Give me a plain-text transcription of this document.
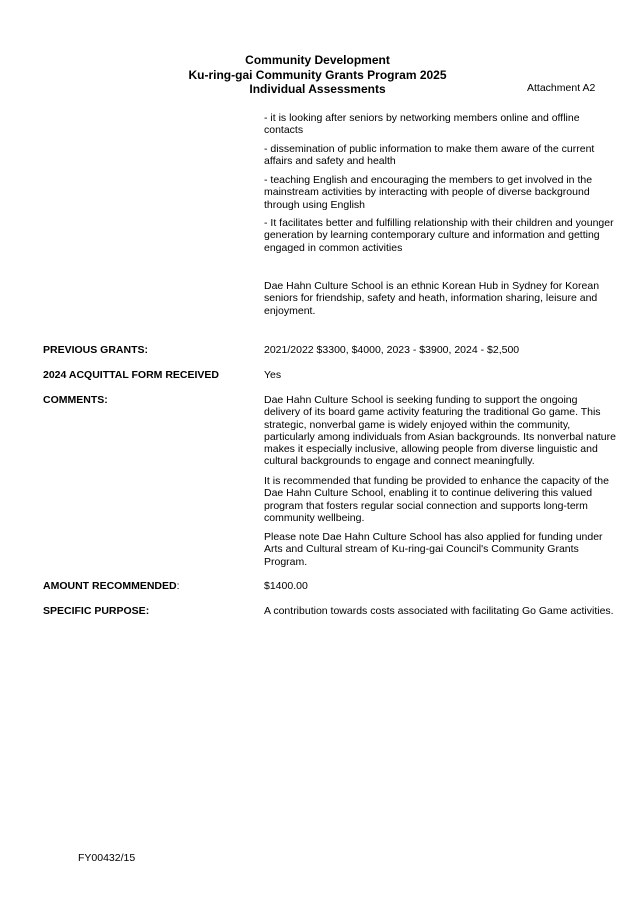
Community Development
Ku-ring-gai Community Grants Program 2025
Individual Assessments	Attachment A2

- it is looking after seniors by networking members online and offline contacts

- dissemination of public information to make them aware of the current affairs and safety and health

- teaching English and encouraging the members to get involved in the mainstream activities by interacting with people of diverse background through using English

- It facilitates better and fulfilling relationship with their children and younger generation by learning contemporary culture and information and getting engaged in common activities

Dae Hahn Culture School is an ethnic Korean Hub in Sydney for Korean seniors for friendship, safety and heath, information sharing, leisure and enjoyment.

PREVIOUS GRANTS:	2021/2022 $3300, $4000, 2023 - $3900, 2024 - $2,500
2024 ACQUITTAL FORM RECEIVED	Yes
COMMENTS:	Dae Hahn Culture School is seeking funding to support the ongoing delivery of its board game activity featuring the traditional Go game. This strategic, nonverbal game is widely enjoyed within the community, particularly among individuals from Asian backgrounds. Its nonverbal nature makes it especially inclusive, allowing people from diverse linguistic and cultural backgrounds to engage and connect meaningfully.

It is recommended that funding be provided to enhance the capacity of the Dae Hahn Culture School, enabling it to continue delivering this valued program that fosters regular social connection and supports long-term community wellbeing.

Please note Dae Hahn Culture School has also applied for funding under Arts and Cultural stream of Ku-ring-gai Council's Community Grants Program.

AMOUNT RECOMMENDED:	$1400.00
SPECIFIC PURPOSE:	A contribution towards costs associated with facilitating Go Game activities.

FY00432/15
